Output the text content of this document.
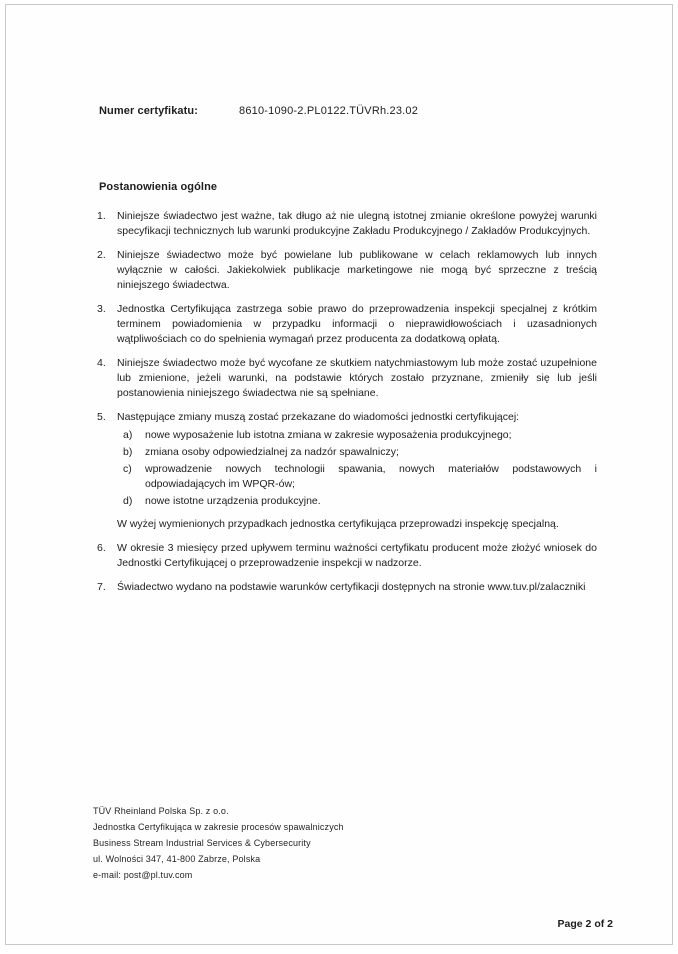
Numer certyfikatu:	8610-1090-2.PL0122.TÜVRh.23.02
Postanowienia ogólne
1.	Niniejsze świadectwo jest ważne, tak długo aż nie ulegną istotnej zmianie określone powyżej warunki specyfikacji technicznych lub warunki produkcyjne Zakładu Produkcyjnego / Zakładów Produkcyjnych.
2.	Niniejsze świadectwo może być powielane lub publikowane w celach reklamowych lub innych wyłącznie w całości. Jakiekolwiek publikacje marketingowe nie mogą być sprzeczne z treścią niniejszego świadectwa.
3.	Jednostka Certyfikująca zastrzega sobie prawo do przeprowadzenia inspekcji specjalnej z krótkim terminem powiadomienia w przypadku informacji o nieprawidłowościach i uzasadnionych wątpliwościach co do spełnienia wymagań przez producenta za dodatkową opłatą.
4.	Niniejsze świadectwo może być wycofane ze skutkiem natychmiastowym lub może zostać uzupełnione lub zmienione, jeżeli warunki, na podstawie których zostało przyznane, zmieniły się lub jeśli postanowienia niniejszego świadectwa nie są spełniane.
5.	Następujące zmiany muszą zostać przekazane do wiadomości jednostki certyfikującej:
a)	nowe wyposażenie lub istotna zmiana w zakresie wyposażenia produkcyjnego;
b)	zmiana osoby odpowiedzialnej za nadzór spawalniczy;
c)	wprowadzenie nowych technologii spawania, nowych materiałów podstawowych i odpowiadających im WPQR-ów;
d)	nowe istotne urządzenia produkcyjne.
W wyżej wymienionych przypadkach jednostka certyfikująca przeprowadzi inspekcję specjalną.
6.	W okresie 3 miesięcy przed upływem terminu ważności certyfikatu producent może złożyć wniosek do Jednostki Certyfikującej o przeprowadzenie inspekcji w nadzorze.
7.	Świadectwo wydano na podstawie warunków certyfikacji dostępnych na stronie www.tuv.pl/zalaczniki
TÜV Rheinland Polska Sp. z o.o.
Jednostka Certyfikująca w zakresie procesów spawalniczych
Business Stream Industrial Services & Cybersecurity
ul. Wolności 347, 41-800 Zabrze, Polska
e-mail: post@pl.tuv.com
Page 2 of 2
